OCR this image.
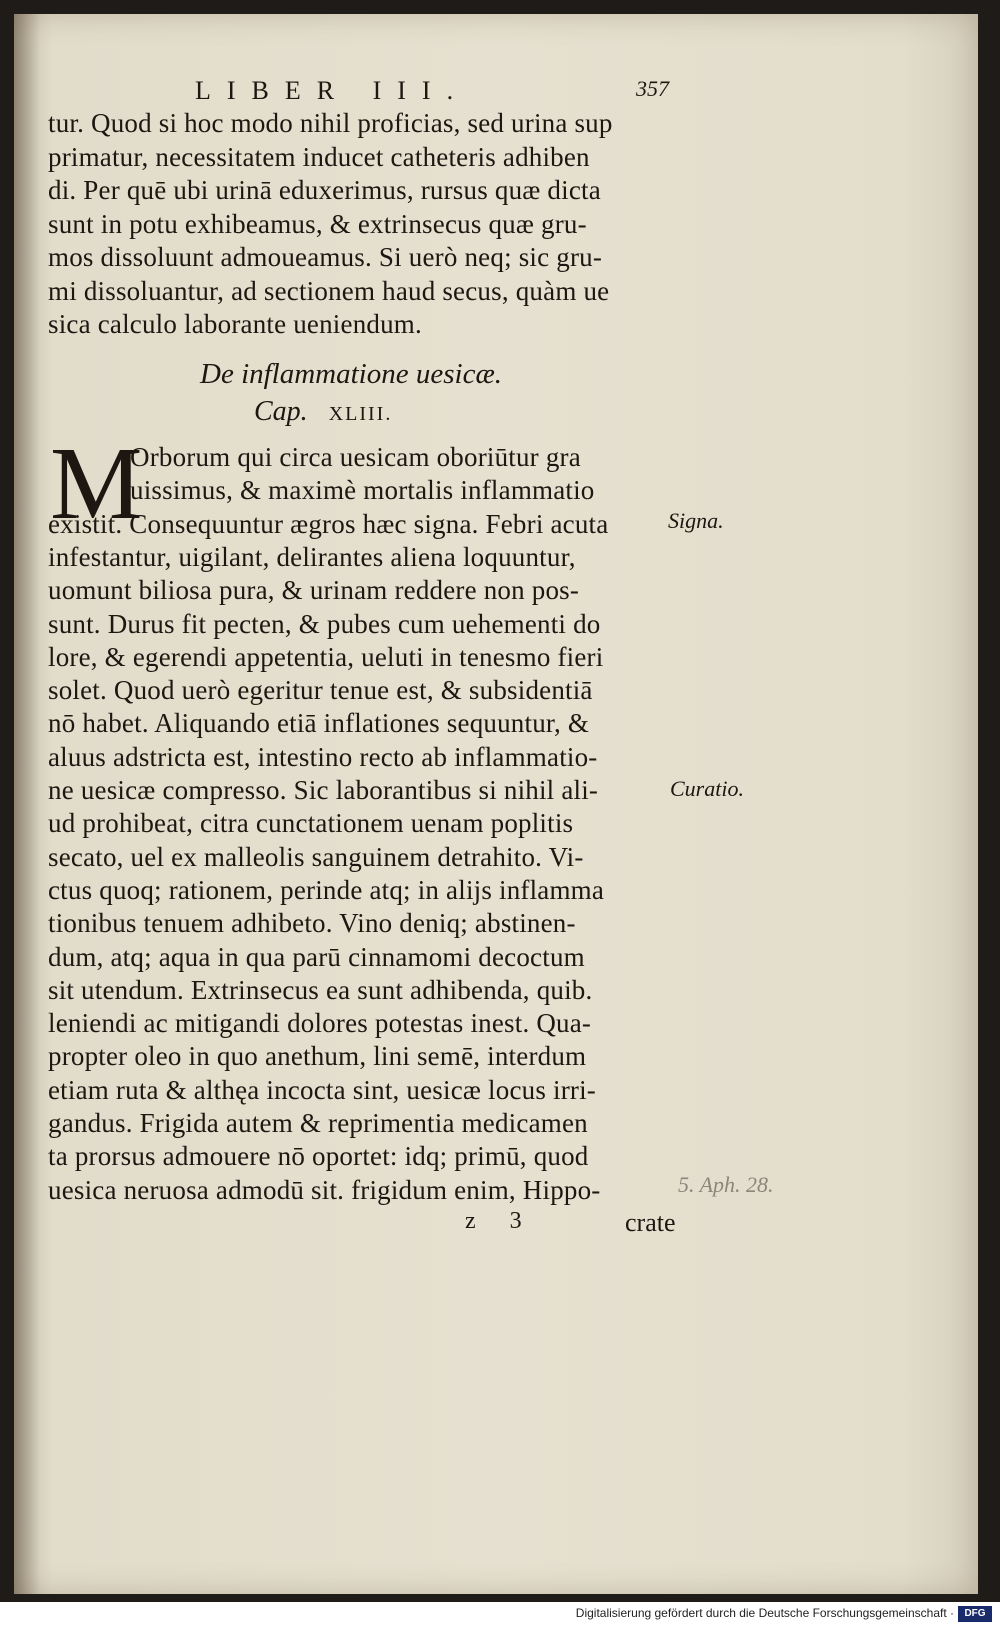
LIBER III.	357

tur. Quod si hoc modo nihil proficias, sed urina sup

primatur, necessitatem inducet catheteris adhiben

di. Per quē ubi urinā eduxerimus, rursus quæ dicta

sunt in potu exhibeamus, & extrinsecus quæ gru-

mos dissoluunt admoueamus. Si uerò neq; sic gru-

mi dissoluantur, ad sectionem haud secus, quàm ue

sica calculo laborante ueniendum.

De inflammatione uesicæ.
Cap. XLIII.
M

Orborum qui circa uesicam oboriūtur gra

uissimus, & maximè mortalis inflammatio

existit. Consequuntur ægros hæc signa. Febri acuta

infestantur, uigilant, delirantes aliena loquuntur,

uomunt biliosa pura, & urinam reddere non pos-

sunt. Durus fit pecten, & pubes cum uehementi do

lore, & egerendi appetentia, ueluti in tenesmo fieri

solet. Quod uerò egeritur tenue est, & subsidentiā

nō habet. Aliquando etiā inflationes sequuntur, &

aluus adstricta est, intestino recto ab inflammatio-

ne uesicæ compresso. Sic laborantibus si nihil ali-

ud prohibeat, citra cunctationem uenam poplitis

secato, uel ex malleolis sanguinem detrahito. Vi-

ctus quoq; rationem, perinde atq; in alijs inflamma

tionibus tenuem adhibeto. Vino deniq; abstinen-

dum, atq; aqua in qua parū cinnamomi decoctum

sit utendum. Extrinsecus ea sunt adhibenda, quib.

leniendi ac mitigandi dolores potestas inest. Qua-

propter oleo in quo anethum, lini semē, interdum

etiam ruta & althęa incocta sint, uesicæ locus irri-

gandus. Frigida autem & reprimentia medicamen

ta prorsus admouere nō oportet: idq; primū, quod

uesica neruosa admodū sit. frigidum enim, Hippo-

Signa.
Curatio.
5. Aph. 28.
z 3	crate
Digitalisierung gefördert durch die Deutsche Forschungsgemeinschaft ·	DFG
